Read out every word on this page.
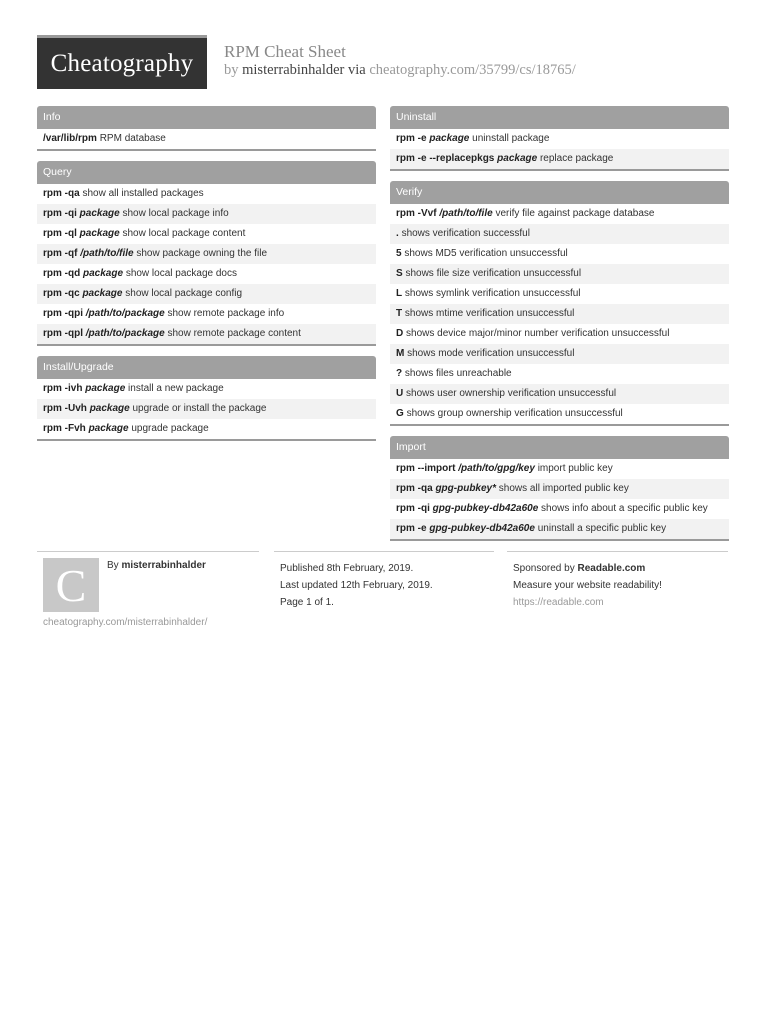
Cheatography	RPM Cheat Sheet
by misterrabinhalder via cheatography.com/35799/cs/18765/
Info
/var/lib/rpm RPM database
Query
rpm -qa show all installed packages
rpm -qi package show local package info
rpm -ql package show local package content
rpm -qf /path/to/file show package owning the file
rpm -qd package show local package docs
rpm -qc package show local package config
rpm -qpi /path/to/package show remote package info
rpm -qpl /path/to/package show remote package content
Install/Upgrade
rpm -ivh package install a new package
rpm -Uvh package upgrade or install the package
rpm -Fvh package upgrade package
Uninstall
rpm -e package uninstall package
rpm -e --replacepkgs package replace package
Verify
rpm -Vvf /path/to/file verify file against package database
. shows verification successful
5 shows MD5 verification unsuccessful
S shows file size verification unsuccessful
L shows symlink verification unsuccessful
T shows mtime verification unsuccessful
D shows device major/minor number verification unsuccessful
M shows mode verification unsuccessful
? shows files unreachable
U shows user ownership verification unsuccessful
G shows group ownership verification unsuccessful
Import
rpm --import /path/to/gpg/key import public key
rpm -qa gpg-pubkey* shows all imported public key
rpm -qi gpg-pubkey-db42a60e shows info about a specific public key
rpm -e gpg-pubkey-db42a60e uninstall a specific public key
C	By misterrabinhalder	Published 8th February, 2019.
Last updated 12th February, 2019.
Page 1 of 1.
Sponsored by Readable.com
Measure your website readability!
https://readable.com
cheatography.com/misterrabinhalder/
